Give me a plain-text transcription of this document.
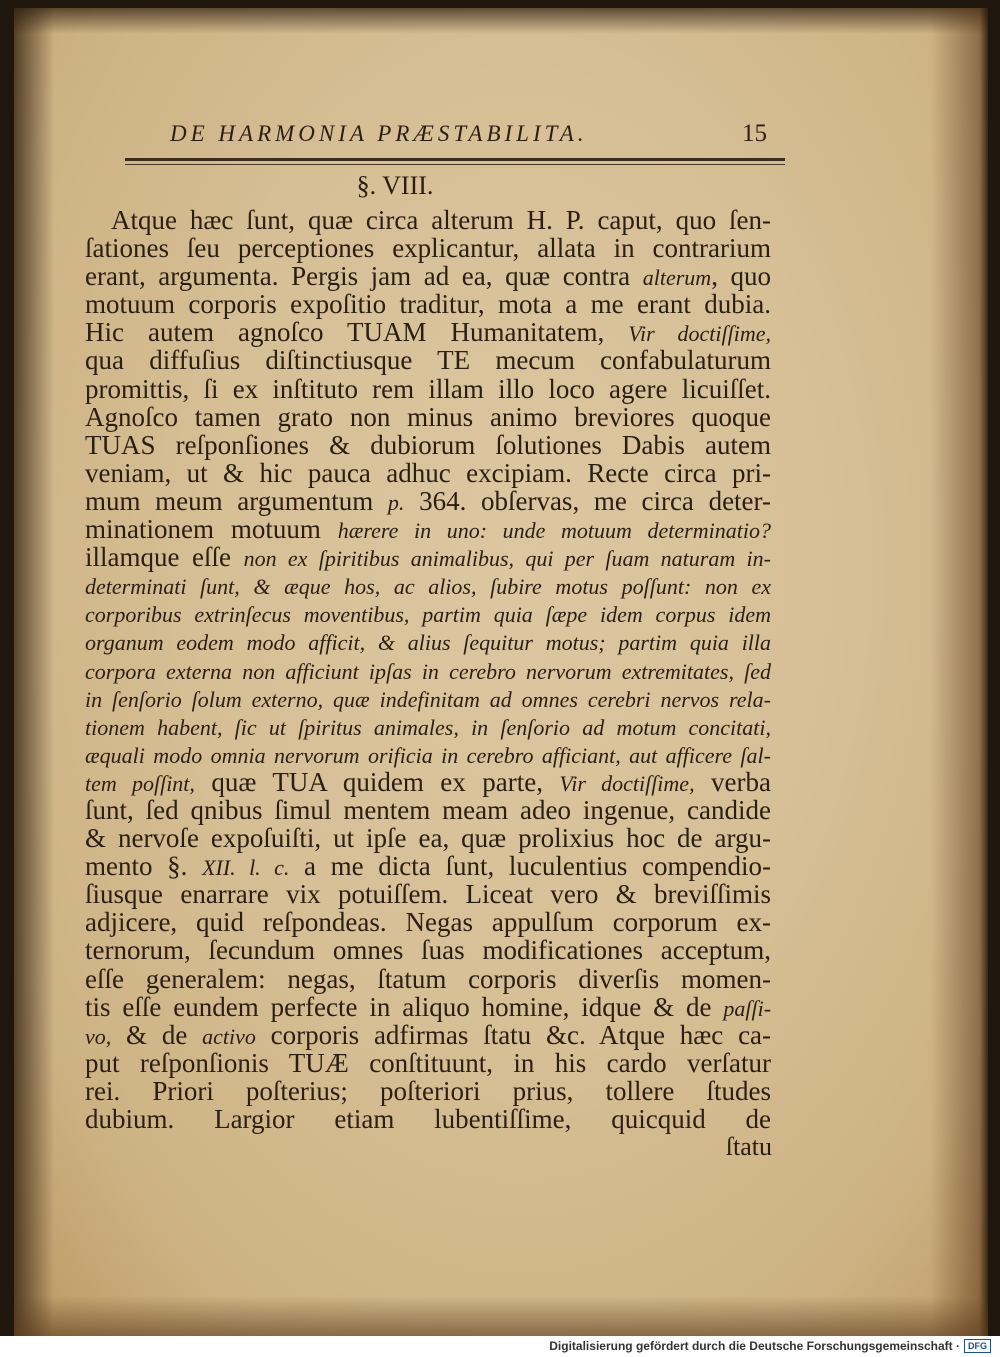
DE HARMONIA PRÆSTABILITA.	15
§. VIII.
Atque hæc ſunt, quæ circa alterum H. P. caput, quo ſen-
ſationes ſeu perceptiones explicantur, allata in contrarium
erant, argumenta. Pergis jam ad ea, quæ contra alterum, quo
motuum corporis expoſitio traditur, mota a me erant dubia.
Hic autem agnoſco TUAM Humanitatem, Vir doctiſſime,
qua diffuſius diſtinctiusque TE mecum confabulaturum
promittis, ſi ex inſtituto rem illam illo loco agere licuiſſet.
Agnoſco tamen grato non minus animo breviores quoque
TUAS reſponſiones & dubiorum ſolutiones Dabis autem
veniam, ut & hic pauca adhuc excipiam. Recte circa pri-
mum meum argumentum p. 364. obſervas, me circa deter-
minationem motuum hærere in uno: unde motuum determinatio?
illamque eſſe non ex ſpiritibus animalibus, qui per ſuam naturam in-
determinati ſunt, & æque hos, ac alios, ſubire motus poſſunt: non ex
corporibus extrinſecus moventibus, partim quia ſæpe idem corpus idem
organum eodem modo afficit, & alius ſequitur motus; partim quia illa
corpora externa non afficiunt ipſas in cerebro nervorum extremitates, ſed
in ſenſorio ſolum externo, quæ indefinitam ad omnes cerebri nervos rela-
tionem habent, ſic ut ſpiritus animales, in ſenſorio ad motum concitati,
æquali modo omnia nervorum orificia in cerebro afficiant, aut afficere ſal-
tem poſſint, quæ TUA quidem ex parte, Vir doctiſſime, verba
ſunt, ſed qnibus ſimul mentem meam adeo ingenue, candide
& nervoſe expoſuiſti, ut ipſe ea, quæ prolixius hoc de argu-
mento §. XII. l. c. a me dicta ſunt, luculentius compendio-
ſiusque enarrare vix potuiſſem. Liceat vero & breviſſimis
adjicere, quid reſpondeas. Negas appulſum corporum ex-
ternorum, ſecundum omnes ſuas modificationes acceptum,
eſſe generalem: negas, ſtatum corporis diverſis momen-
tis eſſe eundem perfecte in aliquo homine, idque & de paſſi-
vo, & de activo corporis adfirmas ſtatu &c. Atque hæc ca-
put reſponſionis TUÆ conſtituunt, in his cardo verſatur
rei. Priori poſterius; poſteriori prius, tollere ſtudes
dubium. Largior etiam lubentiſſime, quicquid de
ſtatu
Digitalisierung gefördert durch die Deutsche Forschungsgemeinschaft · DFG
